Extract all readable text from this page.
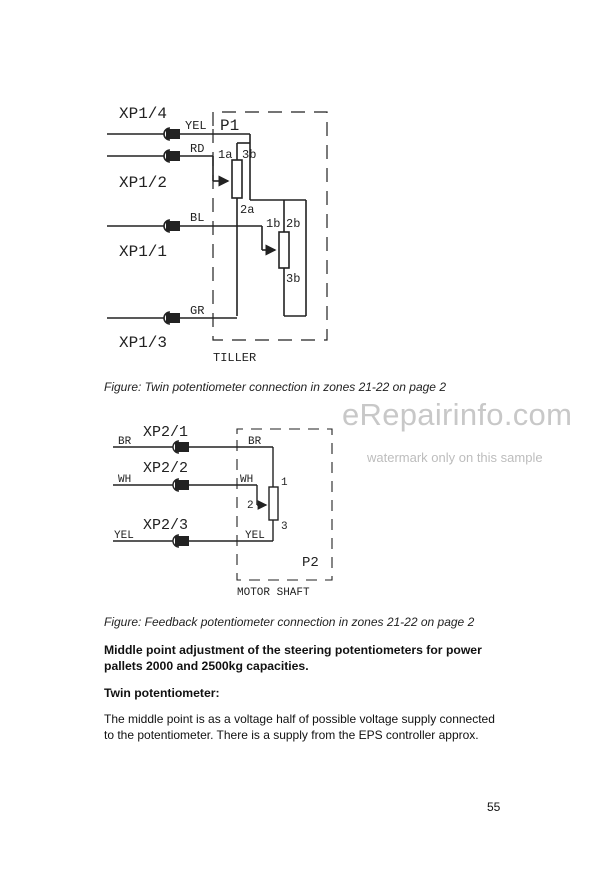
XP1/4
XP1/2
XP1/1
XP1/3
P1
YEL
RD 1a 3b
BL
2a
1b 2b
3b
GR
TILLER
XP2/1
XP2/2
XP2/3
BR
WH
YEL
BR
WH
YEL
1
2
3
P2
MOTOR SHAFT
Figure: Twin potentiometer connection in zones 21-22 on page 2
eRepairinfo.com
watermark only on this sample
Figure: Feedback potentiometer connection in zones 21-22 on page 2
Middle point adjustment of the steering potentiometers for power
pallets 2000 and 2500kg capacities.
Twin potentiometer:
The middle point is as a voltage half of possible voltage supply connected
to the potentiometer. There is a supply from the EPS controller approx.
55
